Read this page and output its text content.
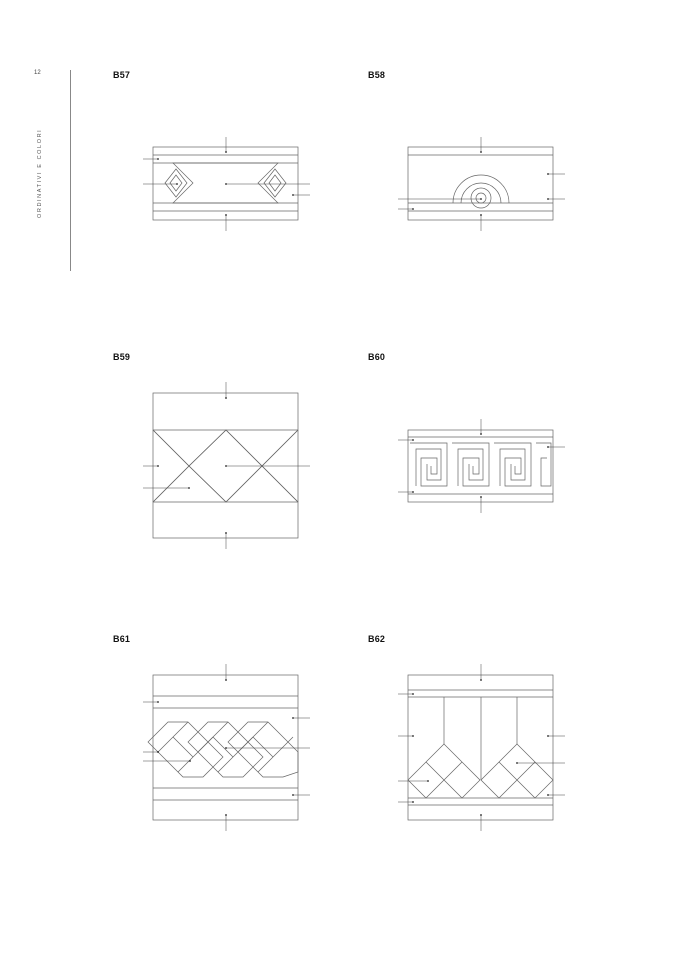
12
ORDINATIVI E COLORI
B57	B58
B59	B60
B61	B62
